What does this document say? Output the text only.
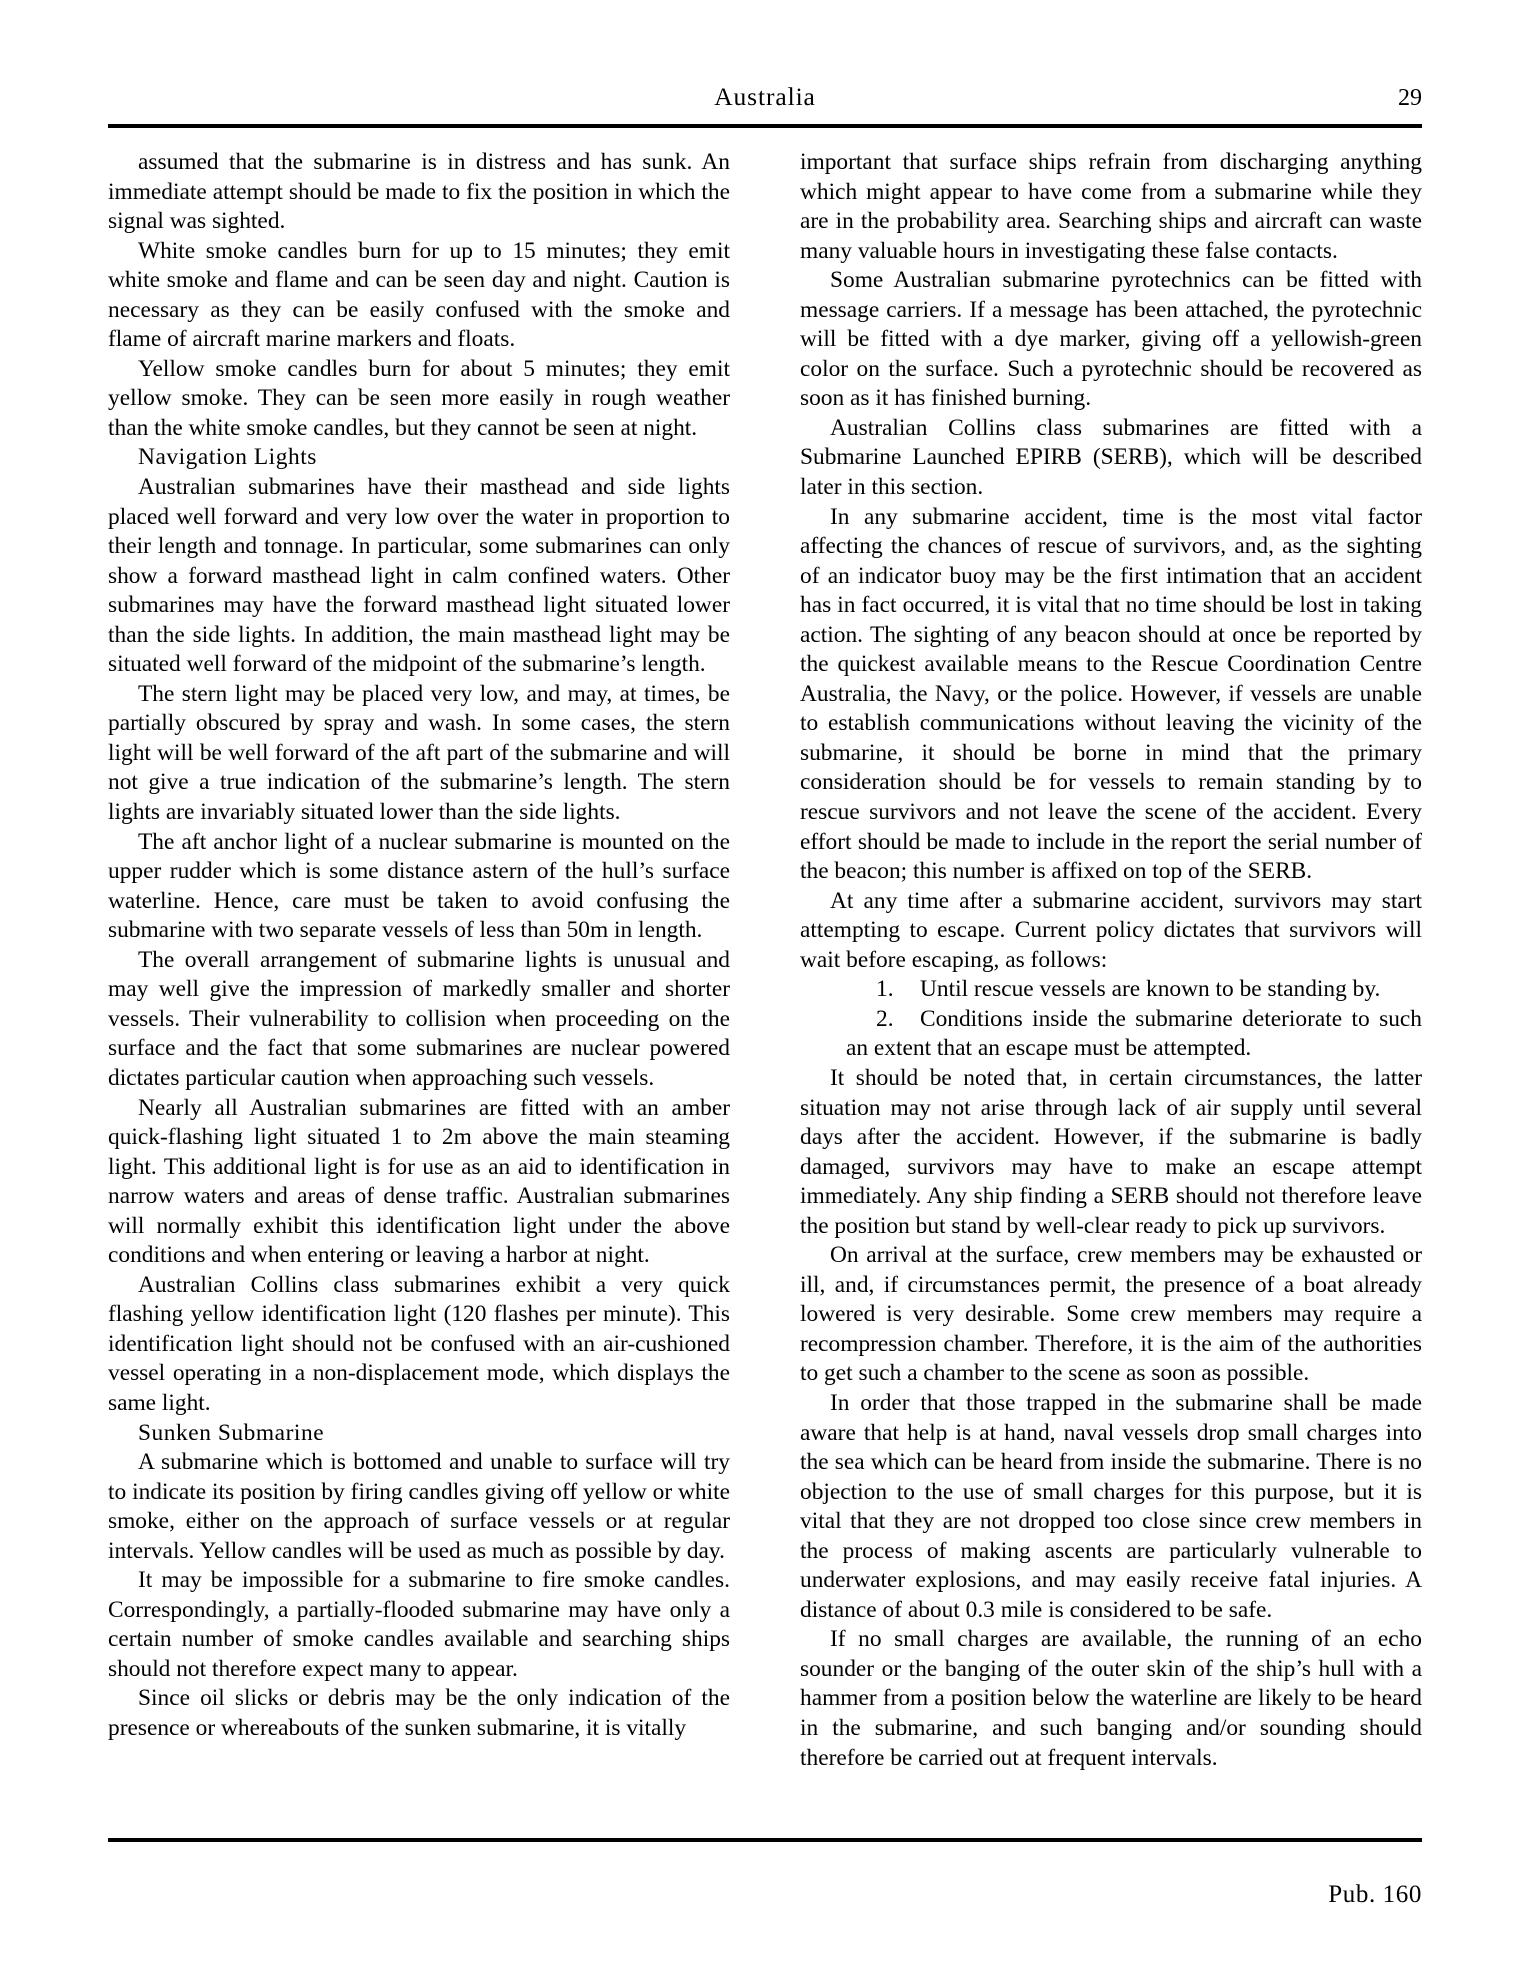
Australia	29

assumed that the submarine is in distress and has sunk. An immediate attempt should be made to fix the position in which the signal was sighted.

White smoke candles burn for up to 15 minutes; they emit white smoke and flame and can be seen day and night. Caution is necessary as they can be easily confused with the smoke and flame of aircraft marine markers and floats.

Yellow smoke candles burn for about 5 minutes; they emit yellow smoke. They can be seen more easily in rough weather than the white smoke candles, but they cannot be seen at night.

Navigation Lights

Australian submarines have their masthead and side lights placed well forward and very low over the water in proportion to their length and tonnage. In particular, some submarines can only show a forward masthead light in calm confined waters. Other submarines may have the forward masthead light situated lower than the side lights. In addition, the main masthead light may be situated well forward of the midpoint of the submarine’s length.

The stern light may be placed very low, and may, at times, be partially obscured by spray and wash. In some cases, the stern light will be well forward of the aft part of the submarine and will not give a true indication of the submarine’s length. The stern lights are invariably situated lower than the side lights.

The aft anchor light of a nuclear submarine is mounted on the upper rudder which is some distance astern of the hull’s surface waterline. Hence, care must be taken to avoid confusing the submarine with two separate vessels of less than 50m in length.

The overall arrangement of submarine lights is unusual and may well give the impression of markedly smaller and shorter vessels. Their vulnerability to collision when proceeding on the surface and the fact that some submarines are nuclear powered dictates particular caution when approaching such vessels.

Nearly all Australian submarines are fitted with an amber quick-flashing light situated 1 to 2m above the main steaming light. This additional light is for use as an aid to identification in narrow waters and areas of dense traffic. Australian submarines will normally exhibit this identification light under the above conditions and when entering or leaving a harbor at night.

Australian Collins class submarines exhibit a very quick flashing yellow identification light (120 flashes per minute). This identification light should not be confused with an air-cushioned vessel operating in a non-displacement mode, which displays the same light.

Sunken Submarine

A submarine which is bottomed and unable to surface will try to indicate its position by firing candles giving off yellow or white smoke, either on the approach of surface vessels or at regular intervals. Yellow candles will be used as much as possible by day.

It may be impossible for a submarine to fire smoke candles. Correspondingly, a partially-flooded submarine may have only a certain number of smoke candles available and searching ships should not therefore expect many to appear.

Since oil slicks or debris may be the only indication of the presence or whereabouts of the sunken submarine, it is vitally

important that surface ships refrain from discharging anything which might appear to have come from a submarine while they are in the probability area. Searching ships and aircraft can waste many valuable hours in investigating these false contacts.

Some Australian submarine pyrotechnics can be fitted with message carriers. If a message has been attached, the pyrotechnic will be fitted with a dye marker, giving off a yellowish-green color on the surface. Such a pyrotechnic should be recovered as soon as it has finished burning.

Australian Collins class submarines are fitted with a Submarine Launched EPIRB (SERB), which will be described later in this section.

In any submarine accident, time is the most vital factor affecting the chances of rescue of survivors, and, as the sighting of an indicator buoy may be the first intimation that an accident has in fact occurred, it is vital that no time should be lost in taking action. The sighting of any beacon should at once be reported by the quickest available means to the Rescue Coordination Centre Australia, the Navy, or the police. However, if vessels are unable to establish communications without leaving the vicinity of the submarine, it should be borne in mind that the primary consideration should be for vessels to remain standing by to rescue survivors and not leave the scene of the accident. Every effort should be made to include in the report the serial number of the beacon; this number is affixed on top of the SERB.

At any time after a submarine accident, survivors may start attempting to escape. Current policy dictates that survivors will wait before escaping, as follows:

1. Until rescue vessels are known to be standing by.

2. Conditions inside the submarine deteriorate to such an extent that an escape must be attempted.

It should be noted that, in certain circumstances, the latter situation may not arise through lack of air supply until several days after the accident. However, if the submarine is badly damaged, survivors may have to make an escape attempt immediately. Any ship finding a SERB should not therefore leave the position but stand by well-clear ready to pick up survivors.

On arrival at the surface, crew members may be exhausted or ill, and, if circumstances permit, the presence of a boat already lowered is very desirable. Some crew members may require a recompression chamber. Therefore, it is the aim of the authorities to get such a chamber to the scene as soon as possible.

In order that those trapped in the submarine shall be made aware that help is at hand, naval vessels drop small charges into the sea which can be heard from inside the submarine. There is no objection to the use of small charges for this purpose, but it is vital that they are not dropped too close since crew members in the process of making ascents are particularly vulnerable to underwater explosions, and may easily receive fatal injuries. A distance of about 0.3 mile is considered to be safe.

If no small charges are available, the running of an echo sounder or the banging of the outer skin of the ship’s hull with a hammer from a position below the waterline are likely to be heard in the submarine, and such banging and/or sounding should therefore be carried out at frequent intervals.

Pub. 160
